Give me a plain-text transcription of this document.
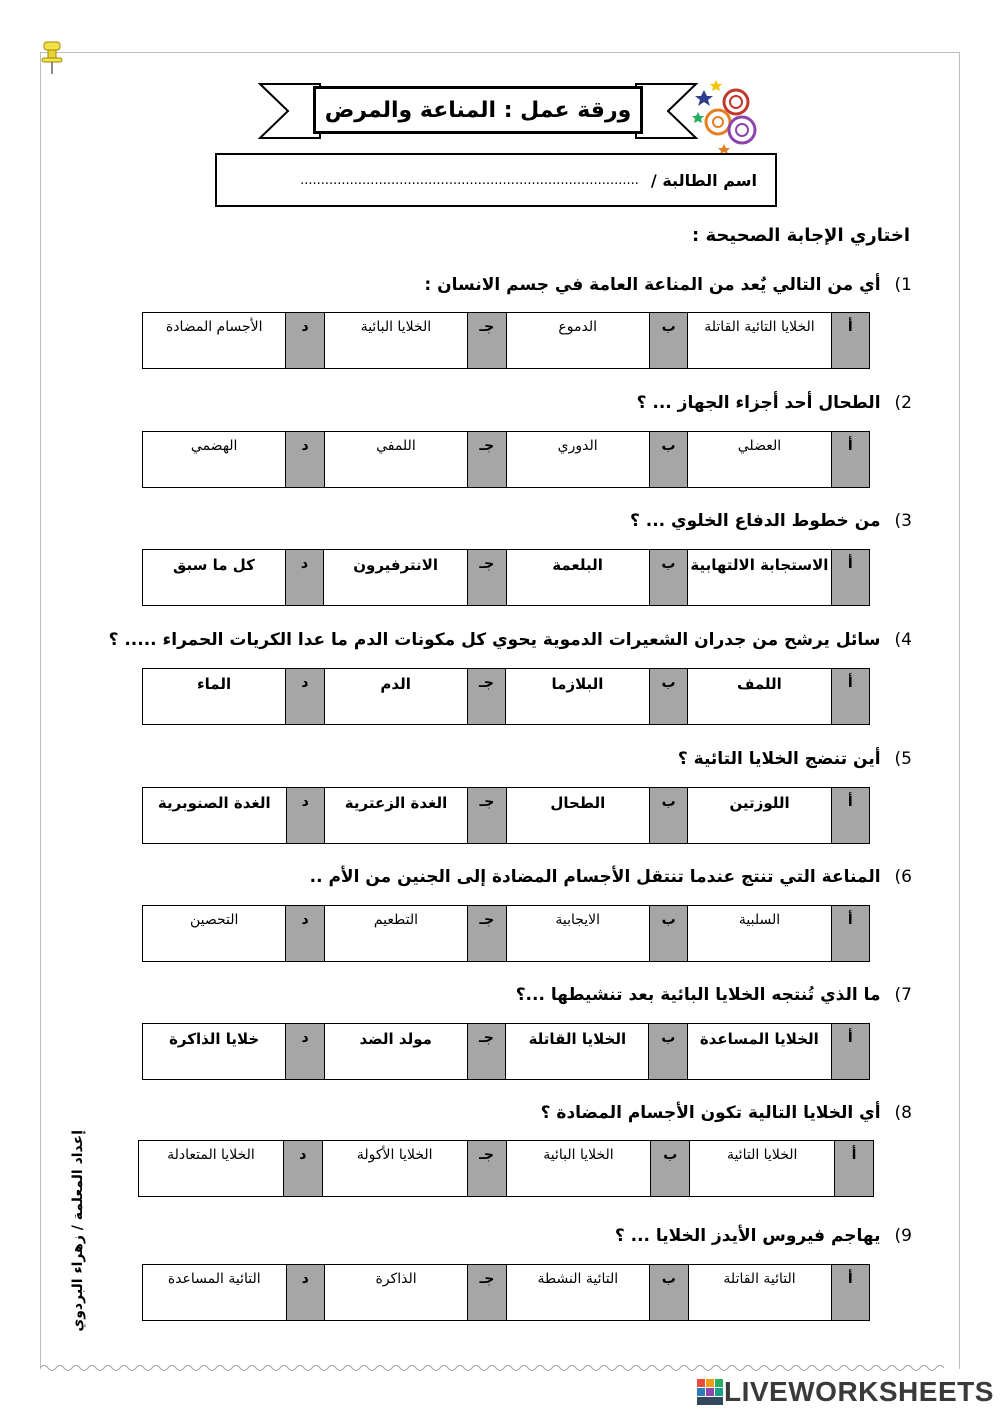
ورقة عمل : المناعة والمرض
اسم الطالبة /
..................................................................................
اختاري الإجابة الصحيحة :
1)
أي من التالي يٌعد من المناعة العامة في جسم الانسان :
أ	الخلايا التائية القاتلة	ب	الدموع	جـ	الخلايا البائية	د	الأجسام المضادة
2)
الطحال أحد أجزاء الجهاز ... ؟
أ	العضلي	ب	الدوري	جـ	اللمفي	د	الهضمي
3)
من خطوط الدفاع الخلوي ... ؟
أ	الاستجابة الالتهابية	ب	البلعمة	جـ	الانترفيرون	د	كل ما سبق
4)
سائل يرشح من جدران الشعيرات الدموية يحوي كل مكونات الدم ما عدا الكريات الحمراء ..... ؟
أ	اللمف	ب	البلازما	جـ	الدم	د	الماء
5)
أين تنضج الخلايا التائية ؟
أ	اللوزتين	ب	الطحال	جـ	الغدة الزعترية	د	الغدة الصنوبرية
6)
المناعة التي تنتج عندما تنتقل الأجسام المضادة إلى الجنين من الأم ..
أ	السلبية	ب	الايجابية	جـ	التطعيم	د	التحصين
7)
ما الذي تُنتجه الخلايا البائية بعد تنشيطها ...؟
أ	الخلايا المساعدة	ب	الخلايا القاتلة	جـ	مولد الضد	د	خلايا الذاكرة
8)
أي الخلايا التالية تكون الأجسام المضادة ؟
أ	الخلايا التائية	ب	الخلايا البائية	جـ	الخلايا الأكولة	د	الخلايا المتعادلة
9)
يهاجم فيروس الأيدز الخلايا ... ؟
أ	التائية القاتلة	ب	التائية النشطة	جـ	الذاكرة	د	التائية المساعدة
إعداد المعلمة / زهراء البردوي
LIVEWORKSHEETS
